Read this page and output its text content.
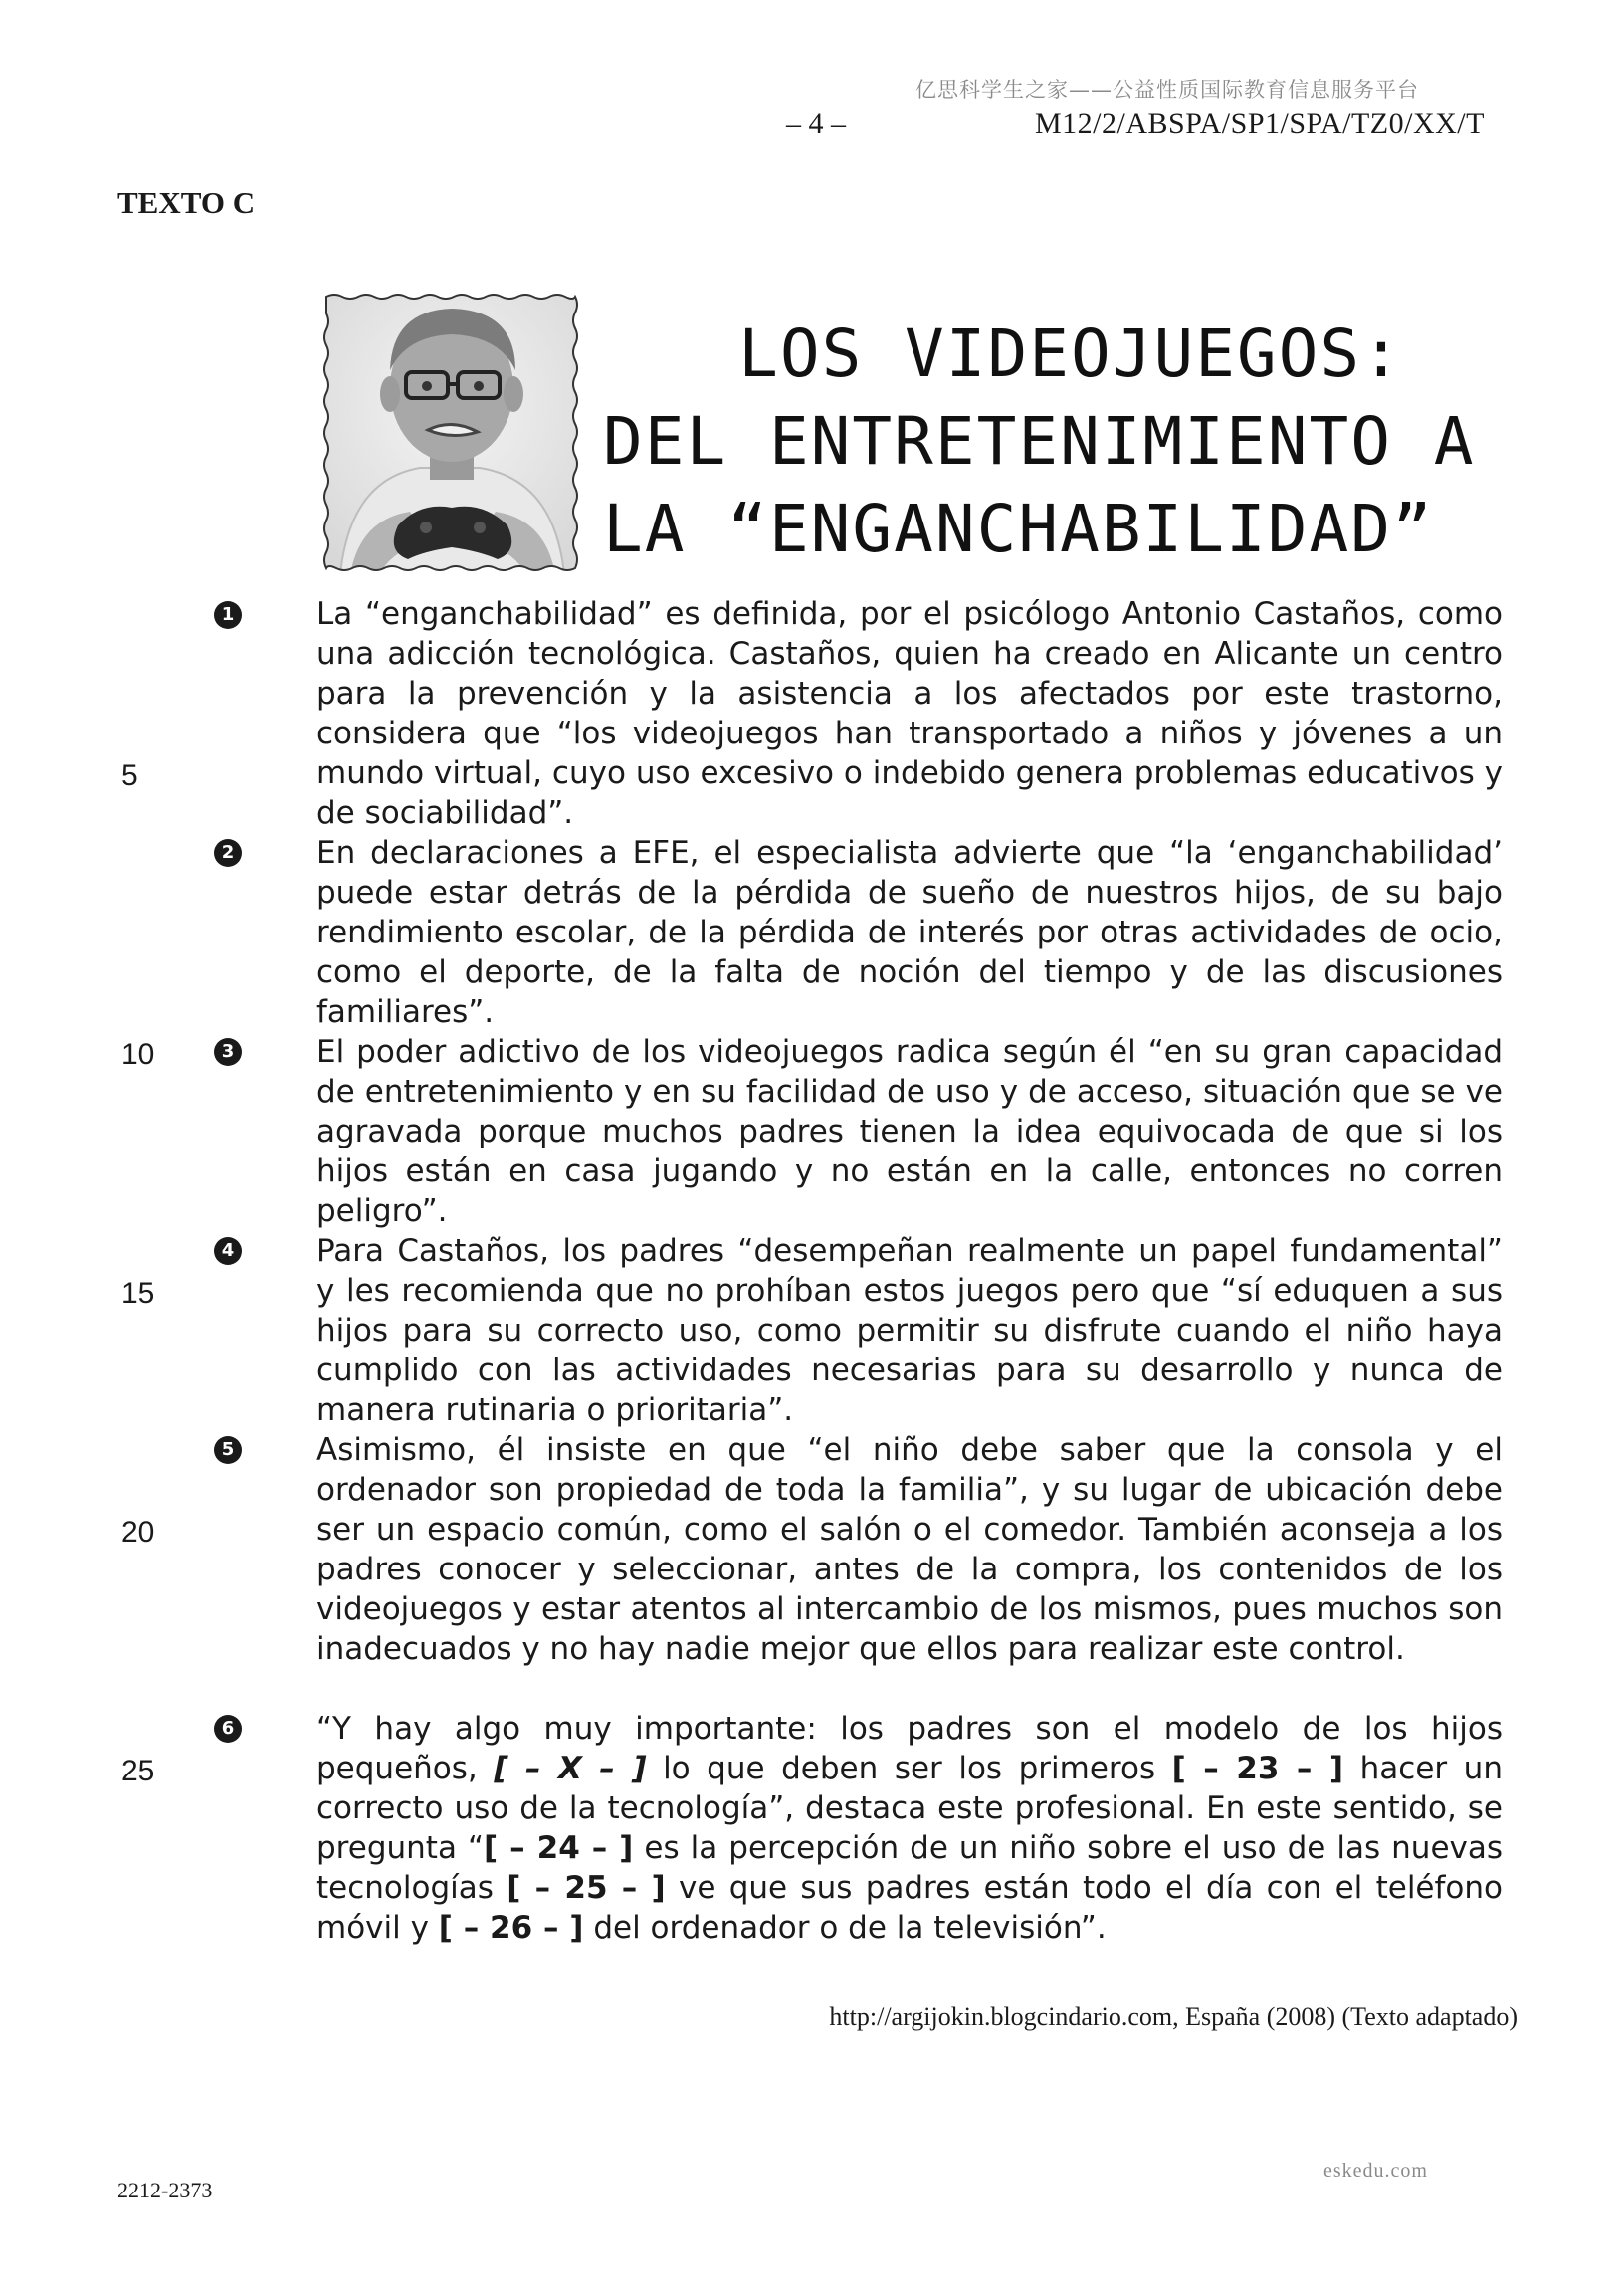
亿思科学生之家——公益性质国际教育信息服务平台
– 4 –	M12/2/ABSPA/SP1/SPA/TZ0/XX/T
TEXTO C
LOS VIDEOJUEGOS:
DEL ENTRETENIMIENTO A
LA “ENGANCHABILIDAD”
1
2
3
4
5
6
5
10
15
20
25

La “enganchabilidad” es definida, por el psicólogo Antonio Castaños, como una adicción tecnológica. Castaños, quien ha creado en Alicante un centro para la prevención y la asistencia a los afectados por este trastorno, considera que “los videojuegos han transportado a niños y jóvenes a un mundo virtual, cuyo uso excesivo o indebido genera problemas educativos y de sociabilidad”.

En declaraciones a EFE, el especialista advierte que “la ‘enganchabilidad’ puede estar detrás de la pérdida de sueño de nuestros hijos, de su bajo rendimiento escolar, de la pérdida de interés por otras actividades de ocio, como el deporte, de la falta de noción del tiempo y de las discusiones familiares”.

El poder adictivo de los videojuegos radica según él “en su gran capacidad de entretenimiento y en su facilidad de uso y de acceso, situación que se ve agravada porque muchos padres tienen la idea equivocada de que si los hijos están en casa jugando y no están en la calle, entonces no corren peligro”.

Para Castaños, los padres “desempeñan realmente un papel fundamental” y les recomienda que no prohíban estos juegos pero que “sí eduquen a sus hijos para su correcto uso, como permitir su disfrute cuando el niño haya cumplido con las actividades necesarias para su desarrollo y nunca de manera rutinaria o prioritaria”.

Asimismo, él insiste en que “el niño debe saber que la consola y el ordenador son propiedad de toda la familia”, y su lugar de ubicación debe ser un espacio común, como el salón o el comedor. También aconseja a los padres conocer y seleccionar, antes de la compra, los contenidos de los videojuegos y estar atentos al intercambio de los mismos, pues muchos son inadecuados y no hay nadie mejor que ellos para realizar este control.

“Y hay algo muy importante: los padres son el modelo de los hijos pequeños, [ – X – ] lo que deben ser los primeros [ – 23 – ] hacer un correcto uso de la tecnología”, destaca este profesional. En este sentido, se pregunta “[ – 24 – ] es la percepción de un niño sobre el uso de las nuevas tecnologías [ – 25 – ] ve que sus padres están todo el día con el teléfono móvil y [ – 26 – ] del ordenador o de la televisión”.

http://argijokin.blogcindario.com, España (2008) (Texto adaptado)
2212-2373
eskedu.com
